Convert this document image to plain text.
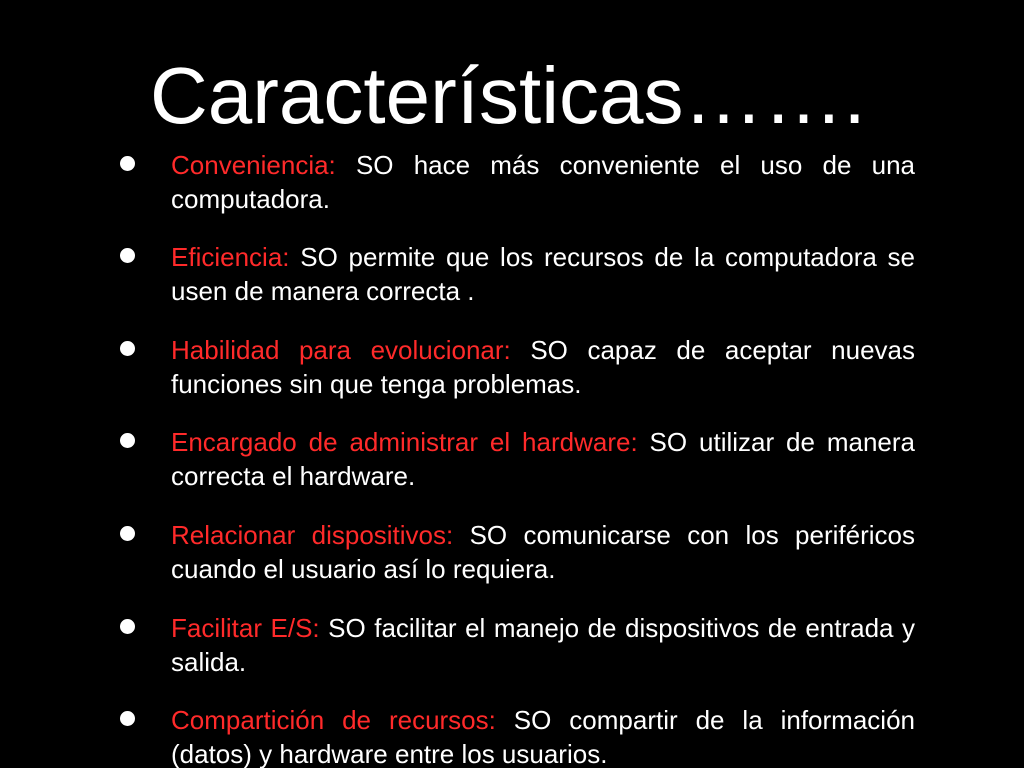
Características…….

Conveniencia: SO hace más conveniente el uso de una computadora.

Eficiencia: SO permite que los recursos de la computadora se usen de manera correcta .

Habilidad para evolucionar: SO capaz de aceptar nuevas funciones sin que tenga problemas.

Encargado de administrar el hardware: SO utilizar de manera correcta el hardware.

Relacionar dispositivos: SO comunicarse con los periféricos cuando el usuario así lo requiera.

Facilitar E/S: SO facilitar el manejo de dispositivos de entrada y salida.

Compartición de recursos: SO compartir de la información (datos) y hardware entre los usuarios.
